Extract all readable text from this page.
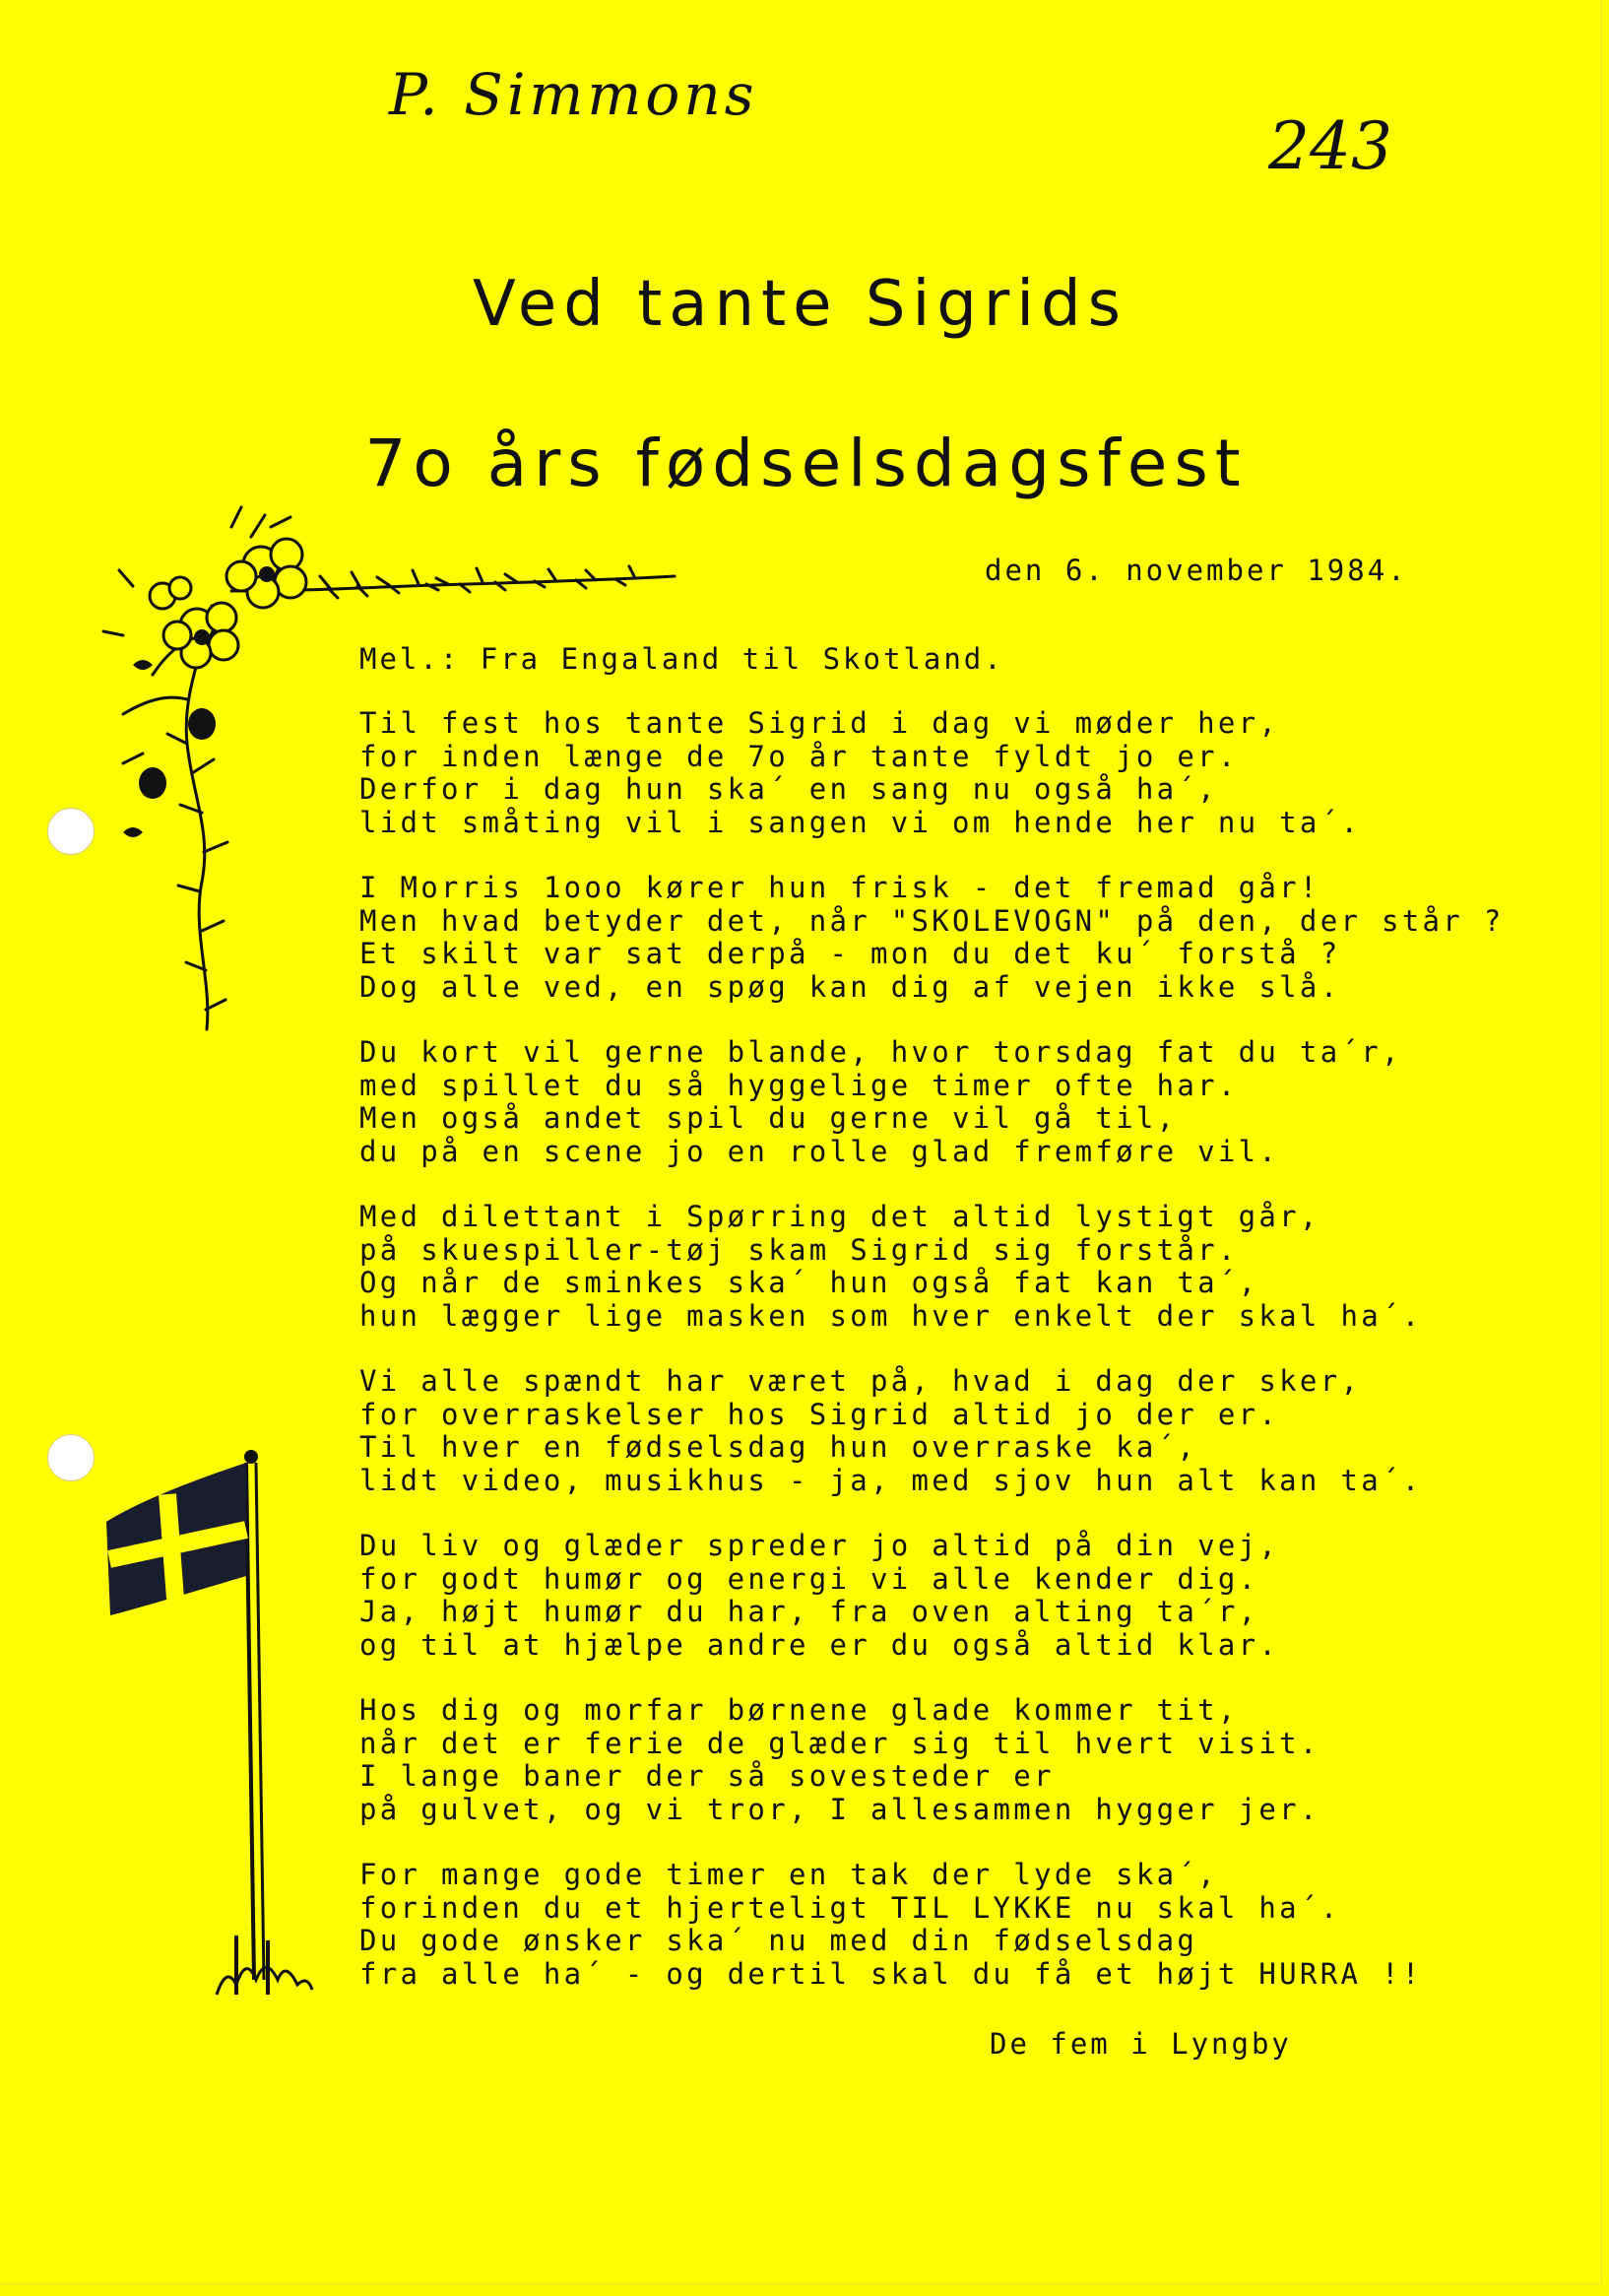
P. Simmons
243
Ved tante Sigrids
7o års fødselsdagsfest
den 6. november 1984.
Mel.: Fra Engaland til Skotland.
Til fest hos tante Sigrid i dag vi møder her,
for inden længe de 7o år tante fyldt jo er.
Derfor i dag hun ska´ en sang nu også ha´,
lidt småting vil i sangen vi om hende her nu ta´.
I Morris 1ooo kører hun frisk - det fremad går!
Men hvad betyder det, når "SKOLEVOGN" på den, der står ?
Et skilt var sat derpå - mon du det ku´ forstå ?
Dog alle ved, en spøg kan dig af vejen ikke slå.
Du kort vil gerne blande, hvor torsdag fat du ta´r,
med spillet du så hyggelige timer ofte har.
Men også andet spil du gerne vil gå til,
du på en scene jo en rolle glad fremføre vil.
Med dilettant i Spørring det altid lystigt går,
på skuespiller-tøj skam Sigrid sig forstår.
Og når de sminkes ska´ hun også fat kan ta´,
hun lægger lige masken som hver enkelt der skal ha´.
Vi alle spændt har været på, hvad i dag der sker,
for overraskelser hos Sigrid altid jo der er.
Til hver en fødselsdag hun overraske ka´,
lidt video, musikhus - ja, med sjov hun alt kan ta´.
Du liv og glæder spreder jo altid på din vej,
for godt humør og energi vi alle kender dig.
Ja, højt humør du har, fra oven alting ta´r,
og til at hjælpe andre er du også altid klar.
Hos dig og morfar børnene glade kommer tit,
når det er ferie de glæder sig til hvert visit.
I lange baner der så sovesteder er
på gulvet, og vi tror, I allesammen hygger jer.
For mange gode timer en tak der lyde ska´,
forinden du et hjerteligt TIL LYKKE nu skal ha´.
Du gode ønsker ska´ nu med din fødselsdag
fra alle ha´ - og dertil skal du få et højt HURRA !!
De fem i Lyngby
